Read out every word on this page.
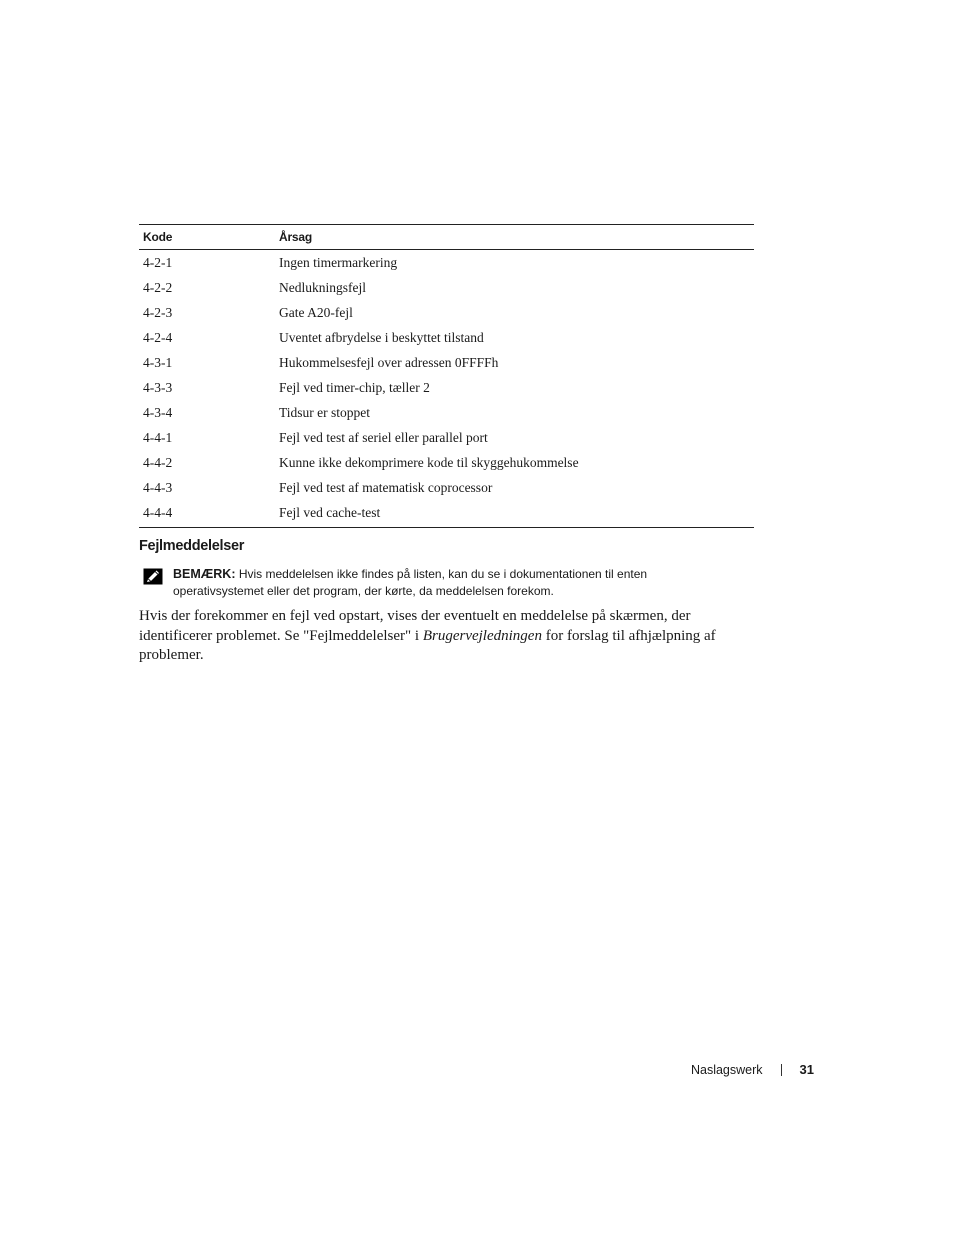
Kode	Årsag
4-2-1	Ingen timermarkering
4-2-2	Nedlukningsfejl
4-2-3	Gate A20-fejl
4-2-4	Uventet afbrydelse i beskyttet tilstand
4-3-1	Hukommelsesfejl over adressen 0FFFFh
4-3-3	Fejl ved timer-chip, tæller 2
4-3-4	Tidsur er stoppet
4-4-1	Fejl ved test af seriel eller parallel port
4-4-2	Kunne ikke dekomprimere kode til skyggehukommelse
4-4-3	Fejl ved test af matematisk coprocessor
4-4-4	Fejl ved cache-test
Fejlmeddelelser
BEMÆRK: Hvis meddelelsen ikke findes på listen, kan du se i dokumentationen til enten
operativsystemet eller det program, der kørte, da meddelelsen forekom.

Hvis der forekommer en fejl ved opstart, vises der eventuelt en meddelelse på skærmen, der identificerer problemet. Se "Fejlmeddelelser" i Brugervejledningen for forslag til afhjælpning af problemer.

Naslagswerk	31
